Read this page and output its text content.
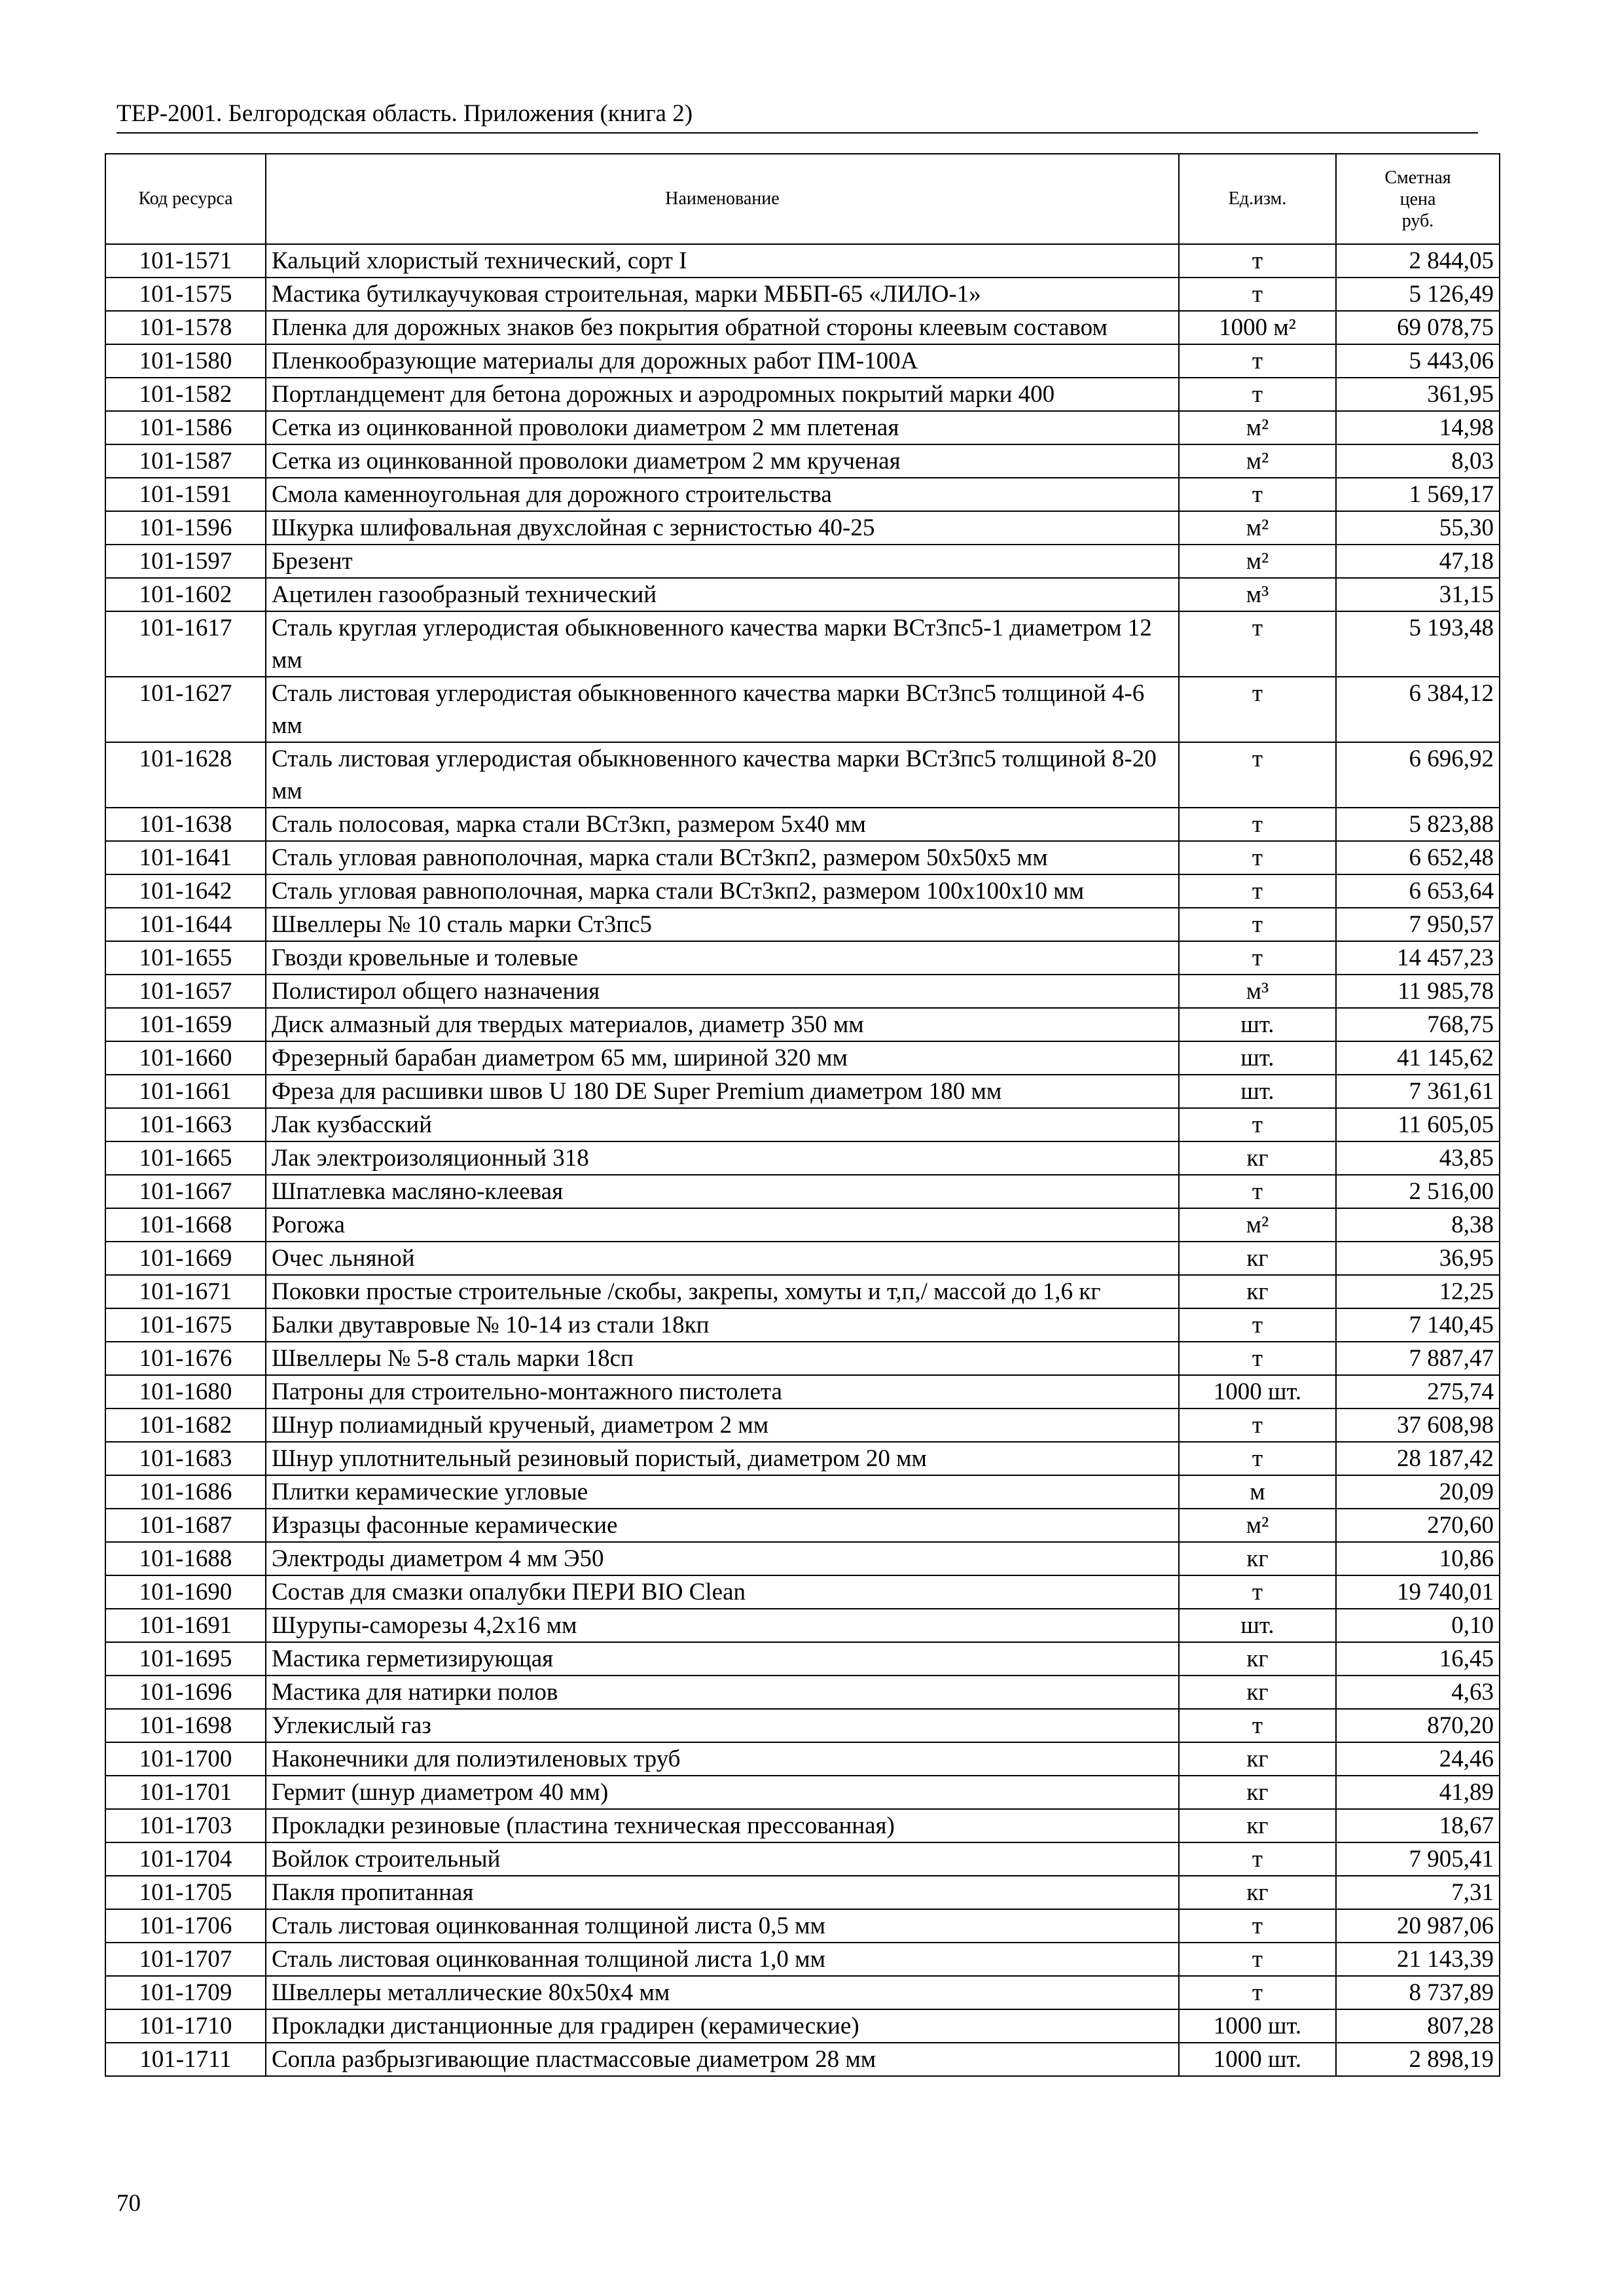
ТЕР-2001. Белгородская область. Приложения (книга 2)
Код ресурса	Наименование	Ед.изм.	Сметная
цена
руб.
101-1571	Кальций хлористый технический, сорт I	т	2 844,05
101-1575	Мастика бутилкаучуковая строительная, марки МББП-65 «ЛИЛО-1»	т	5 126,49
101-1578	Пленка для дорожных знаков без покрытия обратной стороны клеевым составом	1000 м²	69 078,75
101-1580	Пленкообразующие материалы для дорожных работ ПМ-100А	т	5 443,06
101-1582	Портландцемент для бетона дорожных и аэродромных покрытий марки 400	т	361,95
101-1586	Сетка из оцинкованной проволоки диаметром 2 мм плетеная	м²	14,98
101-1587	Сетка из оцинкованной проволоки диаметром 2 мм крученая	м²	8,03
101-1591	Смола каменноугольная для дорожного строительства	т	1 569,17
101-1596	Шкурка шлифовальная двухслойная с зернистостью 40-25	м²	55,30
101-1597	Брезент	м²	47,18
101-1602	Ацетилен газообразный технический	м³	31,15
101-1617	Сталь круглая углеродистая обыкновенного качества марки ВСт3пс5-1 диаметром 12 мм	т	5 193,48
101-1627	Сталь листовая углеродистая обыкновенного качества марки ВСт3пс5 толщиной 4-6 мм	т	6 384,12
101-1628	Сталь листовая углеродистая обыкновенного качества марки ВСт3пс5 толщиной 8-20 мм	т	6 696,92
101-1638	Сталь полосовая, марка стали ВСт3кп, размером 5х40 мм	т	5 823,88
101-1641	Сталь угловая равнополочная, марка стали ВСт3кп2, размером 50х50х5 мм	т	6 652,48
101-1642	Сталь угловая равнополочная, марка стали ВСт3кп2, размером 100х100х10 мм	т	6 653,64
101-1644	Швеллеры № 10 сталь марки Ст3пс5	т	7 950,57
101-1655	Гвозди кровельные и толевые	т	14 457,23
101-1657	Полистирол общего назначения	м³	11 985,78
101-1659	Диск алмазный для твердых материалов, диаметр 350 мм	шт.	768,75
101-1660	Фрезерный барабан диаметром 65 мм, шириной 320 мм	шт.	41 145,62
101-1661	Фреза для расшивки швов U 180 DE Super Premium диаметром 180 мм	шт.	7 361,61
101-1663	Лак кузбасский	т	11 605,05
101-1665	Лак электроизоляционный 318	кг	43,85
101-1667	Шпатлевка масляно-клеевая	т	2 516,00
101-1668	Рогожа	м²	8,38
101-1669	Очес льняной	кг	36,95
101-1671	Поковки простые строительные /скобы, закрепы, хомуты и т,п,/ массой до 1,6 кг	кг	12,25
101-1675	Балки двутавровые № 10-14 из стали 18кп	т	7 140,45
101-1676	Швеллеры № 5-8 сталь марки 18сп	т	7 887,47
101-1680	Патроны для строительно-монтажного пистолета	1000 шт.	275,74
101-1682	Шнур полиамидный крученый, диаметром 2 мм	т	37 608,98
101-1683	Шнур уплотнительный резиновый пористый, диаметром 20 мм	т	28 187,42
101-1686	Плитки керамические угловые	м	20,09
101-1687	Изразцы фасонные керамические	м²	270,60
101-1688	Электроды диаметром 4 мм Э50	кг	10,86
101-1690	Состав для смазки опалубки ПЕРИ BIO Clean	т	19 740,01
101-1691	Шурупы-саморезы 4,2х16 мм	шт.	0,10
101-1695	Мастика герметизирующая	кг	16,45
101-1696	Мастика для натирки полов	кг	4,63
101-1698	Углекислый газ	т	870,20
101-1700	Наконечники для полиэтиленовых труб	кг	24,46
101-1701	Гермит (шнур диаметром 40 мм)	кг	41,89
101-1703	Прокладки резиновые (пластина техническая прессованная)	кг	18,67
101-1704	Войлок строительный	т	7 905,41
101-1705	Пакля пропитанная	кг	7,31
101-1706	Сталь листовая оцинкованная толщиной листа 0,5 мм	т	20 987,06
101-1707	Сталь листовая оцинкованная толщиной листа 1,0 мм	т	21 143,39
101-1709	Швеллеры металлические 80х50х4 мм	т	8 737,89
101-1710	Прокладки дистанционные для градирен (керамические)	1000 шт.	807,28
101-1711	Сопла разбрызгивающие пластмассовые диаметром 28 мм	1000 шт.	2 898,19
70
